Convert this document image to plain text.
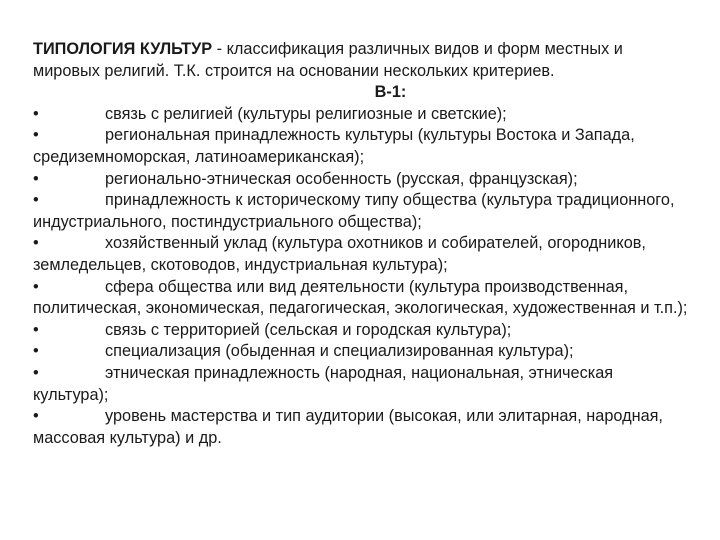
ТИПОЛОГИЯ КУЛЬТУР - классификация различных видов и форм местных и мировых религий. Т.К. строится на основании нескольких критериев.

В-1:

•	связь с религией (культуры религиозные и светские);
•	региональная принадлежность культуры (культуры Востока и Запада, средиземноморская, латиноамериканская);
•	регионально-этническая особенность (русская, французская);
•	принадлежность к историческому типу общества (культура традиционного, индустриального, постиндустриального общества);
•	хозяйственный уклад (культура охотников и собирателей, огородников, земледельцев, скотоводов, индустриальная культура);
•	сфера общества или вид деятельности (культура производственная, политическая, экономическая, педагогическая, экологическая, художественная и т.п.);
•	связь с территорией (сельская и городская культура);
•	специализация (обыденная и специализированная культура);
•	этническая принадлежность (народная, национальная, этническая культура);
•	уровень мастерства и тип аудитории (высокая, или элитарная, народная, массовая культура) и др.
